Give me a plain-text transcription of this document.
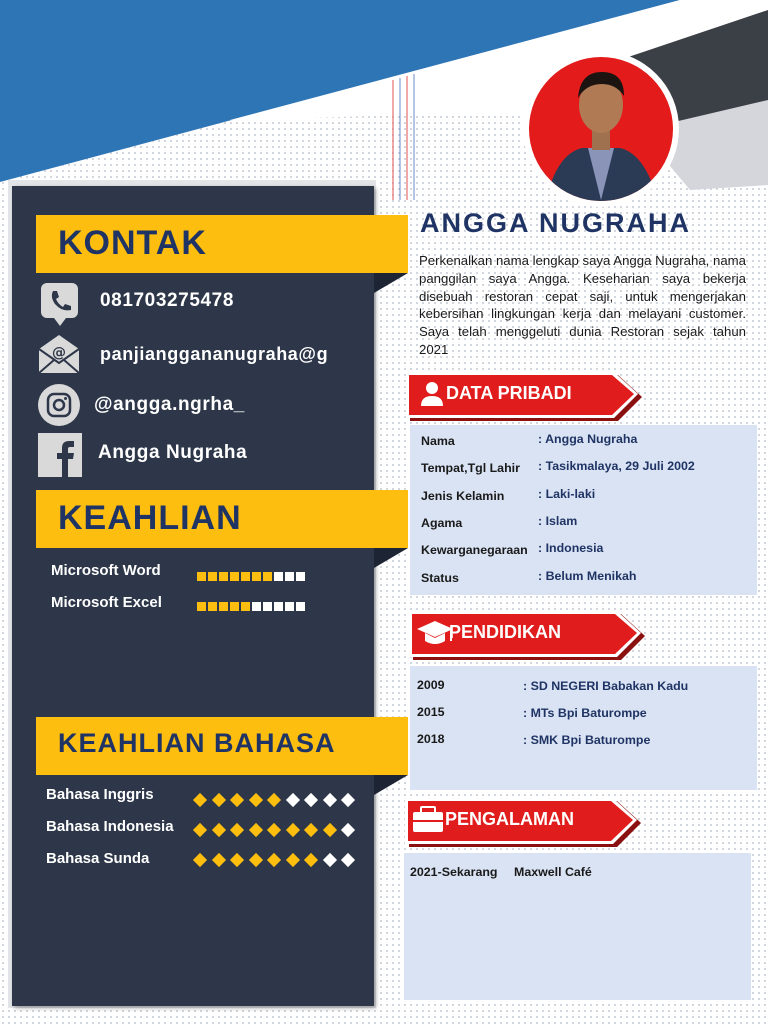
KONTAK
081703275478
@ panjianggananugraha@g
@angga.ngrha_
Angga Nugraha
KEAHLIAN
Microsoft Word
Microsoft Excel
KEAHLIAN BAHASA
Bahasa Inggris
Bahasa Indonesia
Bahasa Sunda
ANGGA NUGRAHA
Perkenalkan nama lengkap saya Angga Nugraha, nama panggilan saya Angga. Keseharian saya bekerja disebuah restoran cepat saji, untuk mengerjakan kebersihan lingkungan kerja dan melayani customer. Saya telah menggeluti dunia Restoran sejak tahun 2021
DATA PRIBADI
Nama	: Angga Nugraha
Tempat,Tgl Lahir : Tasikmalaya, 29 Juli 2002
Jenis Kelamin	: Laki-laki
Agama	: Islam
Kewarganegaraan : Indonesia
Status	: Belum Menikah
PENDIDIKAN
2009	: SD NEGERI Babakan Kadu
2015	: MTs Bpi Baturompe
2018	: SMK Bpi Baturompe
PENGALAMAN
2021-Sekarang Maxwell Café
